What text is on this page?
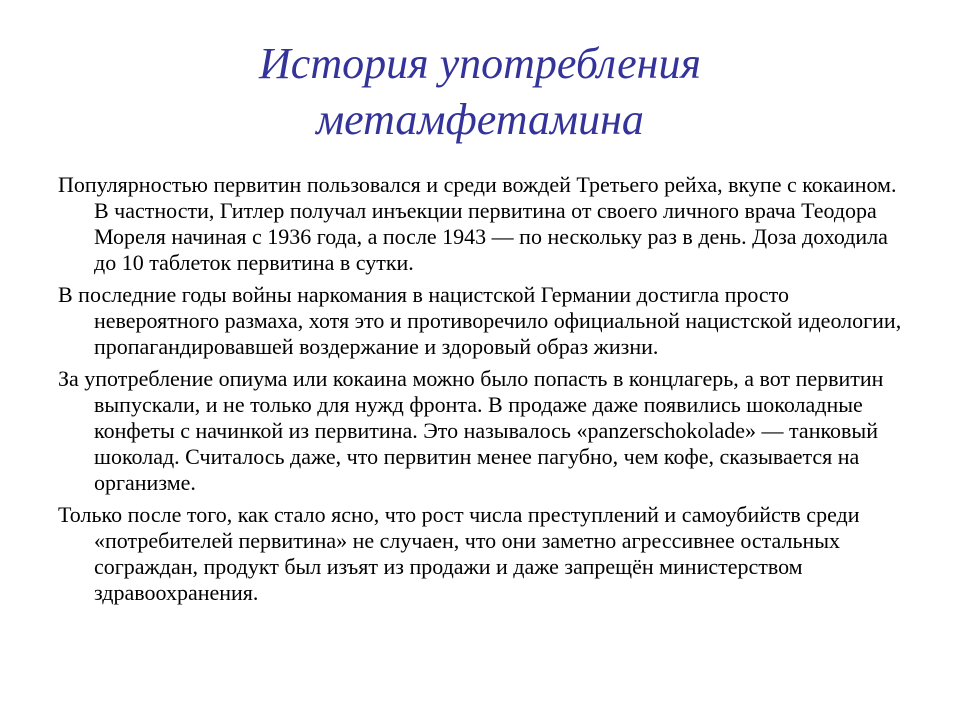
История употребления
метамфетамина

Популярностью первитин пользовался и среди вождей Третьего рейха, вкупе с кокаином. В частности, Гитлер получал инъекции первитина от своего личного врача Теодора Мореля начиная с 1936 года, а после 1943 — по нескольку раз в день. Доза доходила до 10 таблеток первитина в сутки.

В последние годы войны наркомания в нацистской Германии достигла просто невероятного размаха, хотя это и противоречило официальной нацистской идеологии, пропагандировавшей воздержание и здоровый образ жизни.

За употребление опиума или кокаина можно было попасть в концлагерь, а вот первитин выпускали, и не только для нужд фронта. В продаже даже появились шоколадные конфеты с начинкой из первитина. Это называлось «panzerschokolade» — танковый шоколад. Считалось даже, что первитин менее пагубно, чем кофе, сказывается на организме.

Только после того, как стало ясно, что рост числа преступлений и самоубийств среди «потребителей первитина» не случаен, что они заметно агрессивнее остальных сограждан, продукт был изъят из продажи и даже запрещён министерством здравоохранения.
